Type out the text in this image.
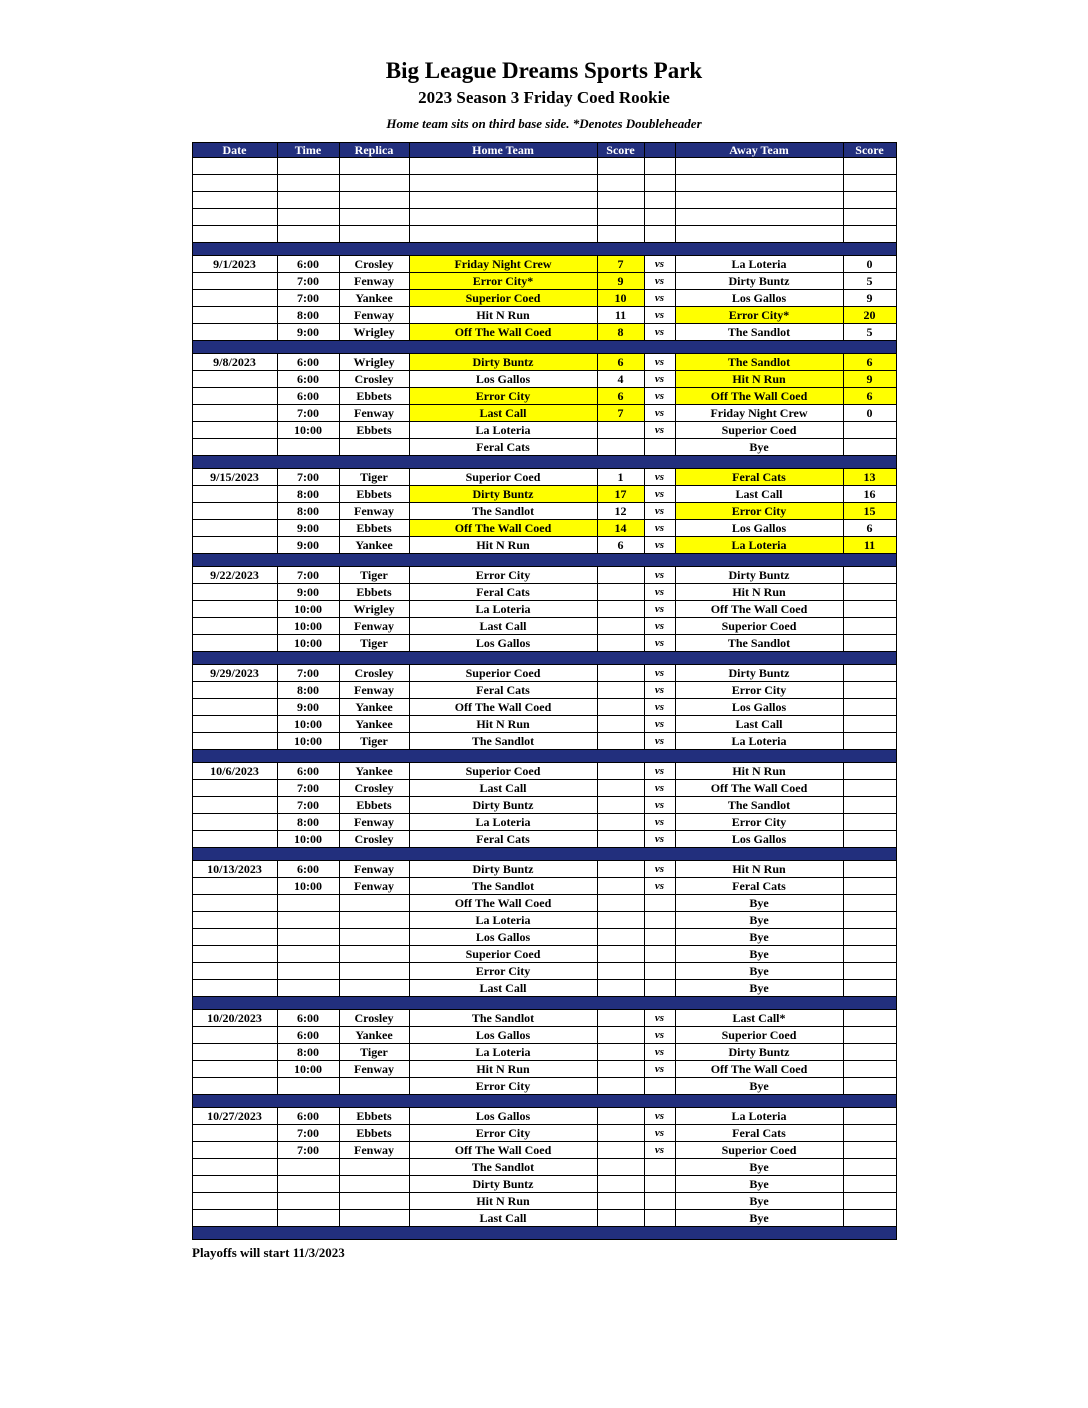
Big League Dreams Sports Park
2023 Season 3 Friday Coed Rookie
Home team sits on third base side. *Denotes Doubleheader
Date	Time	Replica	Home Team	Score		Away Team	Score

9/1/2023	6:00	Crosley	Friday Night Crew	7	vs	La Loteria	0
	7:00	Fenway	Error City*	9	vs	Dirty Buntz	5
	7:00	Yankee	Superior Coed	10	vs	Los Gallos	9
	8:00	Fenway	Hit N Run	11	vs	Error City*	20
	9:00	Wrigley	Off The Wall Coed	8	vs	The Sandlot	5

9/8/2023	6:00	Wrigley	Dirty Buntz	6	vs	The Sandlot	6
	6:00	Crosley	Los Gallos	4	vs	Hit N Run	9
	6:00	Ebbets	Error City	6	vs	Off The Wall Coed	6
	7:00	Fenway	Last Call	7	vs	Friday Night Crew	0
	10:00	Ebbets	La Loteria		vs	Superior Coed	
			Feral Cats			Bye	

9/15/2023	7:00	Tiger	Superior Coed	1	vs	Feral Cats	13
	8:00	Ebbets	Dirty Buntz	17	vs	Last Call	16
	8:00	Fenway	The Sandlot	12	vs	Error City	15
	9:00	Ebbets	Off The Wall Coed	14	vs	Los Gallos	6
	9:00	Yankee	Hit N Run	6	vs	La Loteria	11

9/22/2023	7:00	Tiger	Error City		vs	Dirty Buntz	
	9:00	Ebbets	Feral Cats		vs	Hit N Run	
	10:00	Wrigley	La Loteria		vs	Off The Wall Coed	
	10:00	Fenway	Last Call		vs	Superior Coed	
	10:00	Tiger	Los Gallos		vs	The Sandlot	

9/29/2023	7:00	Crosley	Superior Coed		vs	Dirty Buntz	
	8:00	Fenway	Feral Cats		vs	Error City	
	9:00	Yankee	Off The Wall Coed		vs	Los Gallos	
	10:00	Yankee	Hit N Run		vs	Last Call	
	10:00	Tiger	The Sandlot		vs	La Loteria	

10/6/2023	6:00	Yankee	Superior Coed		vs	Hit N Run	
	7:00	Crosley	Last Call		vs	Off The Wall Coed	
	7:00	Ebbets	Dirty Buntz		vs	The Sandlot	
	8:00	Fenway	La Loteria		vs	Error City	
	10:00	Crosley	Feral Cats		vs	Los Gallos	

10/13/2023	6:00	Fenway	Dirty Buntz		vs	Hit N Run	
	10:00	Fenway	The Sandlot		vs	Feral Cats	
			Off The Wall Coed			Bye	
			La Loteria			Bye	
			Los Gallos			Bye	
			Superior Coed			Bye	
			Error City			Bye	
			Last Call			Bye	

10/20/2023	6:00	Crosley	The Sandlot		vs	Last Call*	
	6:00	Yankee	Los Gallos		vs	Superior Coed	
	8:00	Tiger	La Loteria		vs	Dirty Buntz	
	10:00	Fenway	Hit N Run		vs	Off The Wall Coed	
			Error City			Bye	

10/27/2023	6:00	Ebbets	Los Gallos		vs	La Loteria	
	7:00	Ebbets	Error City		vs	Feral Cats	
	7:00	Fenway	Off The Wall Coed		vs	Superior Coed	
			The Sandlot			Bye	
			Dirty Buntz			Bye	
			Hit N Run			Bye	
			Last Call			Bye	

Playoffs will start 11/3/2023
